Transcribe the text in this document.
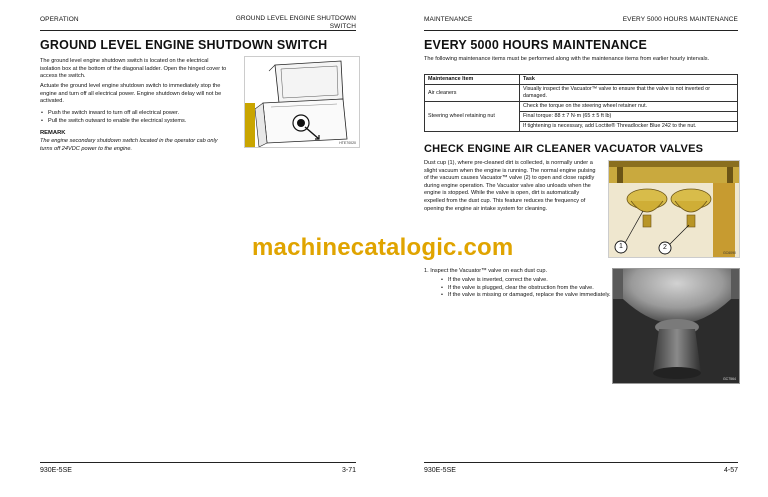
OPERATION	GROUND LEVEL ENGINE SHUTDOWN
SWITCH
GROUND LEVEL ENGINE SHUTDOWN SWITCH

The ground level engine shutdown switch is located on the electrical isolation box at the bottom of the diagonal ladder. Open the hinged cover to access the switch.

Actuate the ground level engine shutdown switch to immediately stop the engine and turn off all electrical power. Engine shutdown delay will not be activated.

• Push the switch inward to turn off all electrical power.
• Pull the switch outward to enable the electrical systems.
REMARK

The engine secondary shutdown switch located in the operator cab only turns off 24VDC power to the engine.

HTE70020
930E-5SE	3-71
MAINTENANCE	EVERY 5000 HOURS MAINTENANCE
EVERY 5000 HOURS MAINTENANCE

The following maintenance items must be performed along with the maintenance items from earlier hourly intervals.

Maintenance Item	Task
Air cleaners	Visually inspect the Vacuator™ valve to ensure that the valve is not inverted or damaged.
Steering wheel retaining nut	Check the torque on the steering wheel retainer nut.
	Final torque: 88 ± 7 N·m (65 ± 5 ft lb)
	If tightening is necessary, add Loctite® Threadlocker Blue 242 to the nut.
CHECK ENGINE AIR CLEANER VACUATOR VALVES

Dust cup (1), where pre-cleaned dirt is collected, is normally under a slight vacuum when the engine is running. The normal engine pulsing of the vacuum causes Vacuator™ valve (2) to open and close rapidly during engine operation. The Vacuator valve also unloads when the engine is stopped. While the valve is open, dirt is automatically expelled from the dust cup. This feature reduces the frequency of opening the engine air intake system for cleaning.

1	2
GC6090

1. Inspect the Vacuator™ valve on each dust cup.

• If the valve is inverted, correct the valve.
• If the valve is plugged, clear the obstruction from the valve.
• If the valve is missing or damaged, replace the valve immediately.
GC7564
930E-5SE	4-57
machinecatalogic.com
